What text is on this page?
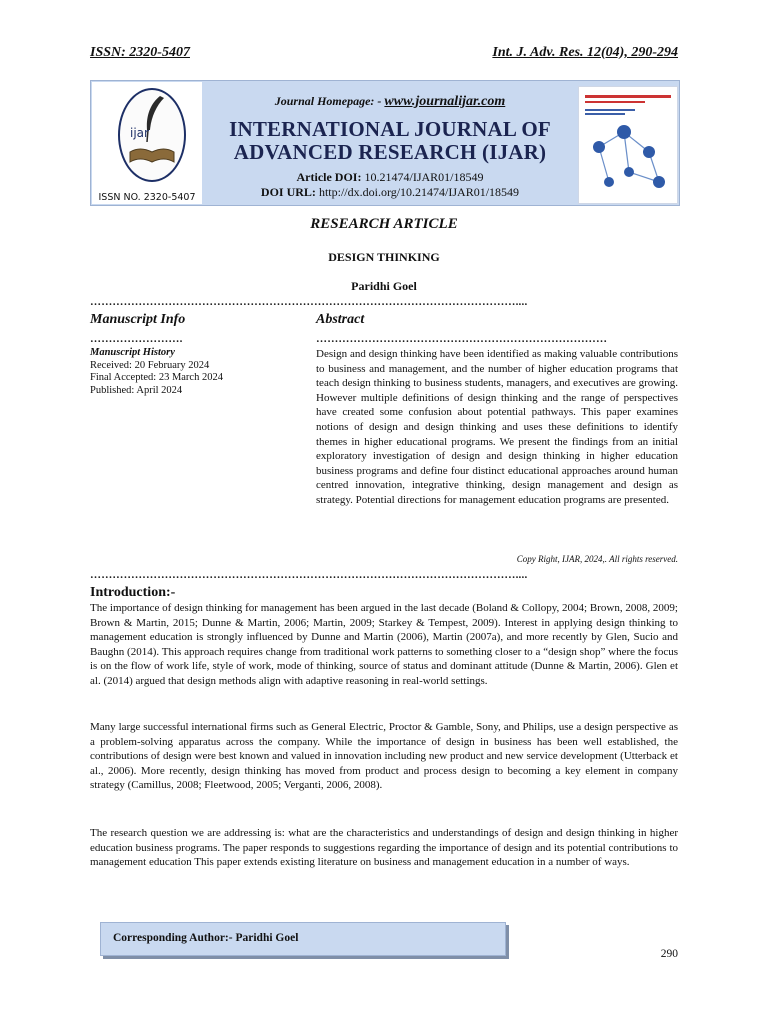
ISSN: 2320-5407	Int. J. Adv. Res. 12(04), 290-294
ijar
ISSN NO. 2320-5407
Journal Homepage: - www.journalijar.com
INTERNATIONAL JOURNAL OF
ADVANCED RESEARCH (IJAR)
Article DOI: 10.21474/IJAR01/18549
DOI URL: http://dx.doi.org/10.21474/IJAR01/18549
RESEARCH ARTICLE
DESIGN THINKING
Paridhi Goel
……………………………………………………………………………………………………....
Manuscript Info	Abstract
…………………….	……………………………………………………………………
Manuscript History
Received: 20 February 2024
Final Accepted: 23 March 2024
Published: April 2024
Design and design thinking have been identified as making valuable contributions to business and management, and the number of higher education programs that teach design thinking to business students, managers, and executives are growing. However multiple definitions of design thinking and the range of perspectives have created some confusion about potential pathways. This paper examines notions of design and design thinking and uses these definitions to identify themes in higher educational programs. We present the findings from an initial exploratory investigation of design and design thinking in higher education business programs and define four distinct educational approaches around human centred innovation, integrative thinking, design management and design as strategy. Potential directions for management education programs are presented.
Copy Right, IJAR, 2024,. All rights reserved.
……………………………………………………………………………………………………....
Introduction:-
The importance of design thinking for management has been argued in the last decade (Boland & Collopy, 2004; Brown, 2008, 2009; Brown & Martin, 2015; Dunne & Martin, 2006; Martin, 2009; Starkey & Tempest, 2009). Interest in applying design thinking to management education is strongly influenced by Dunne and Martin (2006), Martin (2007a), and more recently by Glen, Sucio and Baughn (2014). This approach requires change from traditional work patterns to something closer to a “design shop” where the focus is on the flow of work life, style of work, mode of thinking, source of status and dominant attitude (Dunne & Martin, 2006). Glen et al. (2014) argued that design methods align with adaptive reasoning in real-world settings.
Many large successful international firms such as General Electric, Proctor & Gamble, Sony, and Philips, use a design perspective as a problem-solving apparatus across the company. While the importance of design in business has been well established, the contributions of design were best known and valued in innovation including new product and new service development (Utterback et al., 2006). More recently, design thinking has moved from product and process design to becoming a key element in company strategy (Camillus, 2008; Fleetwood, 2005; Verganti, 2006, 2008).
The research question we are addressing is: what are the characteristics and understandings of design and design thinking in higher education business programs. The paper responds to suggestions regarding the importance of design and its potential contributions to management education This paper extends existing literature on business and management education in a number of ways.
Corresponding Author:- Paridhi Goel
290
